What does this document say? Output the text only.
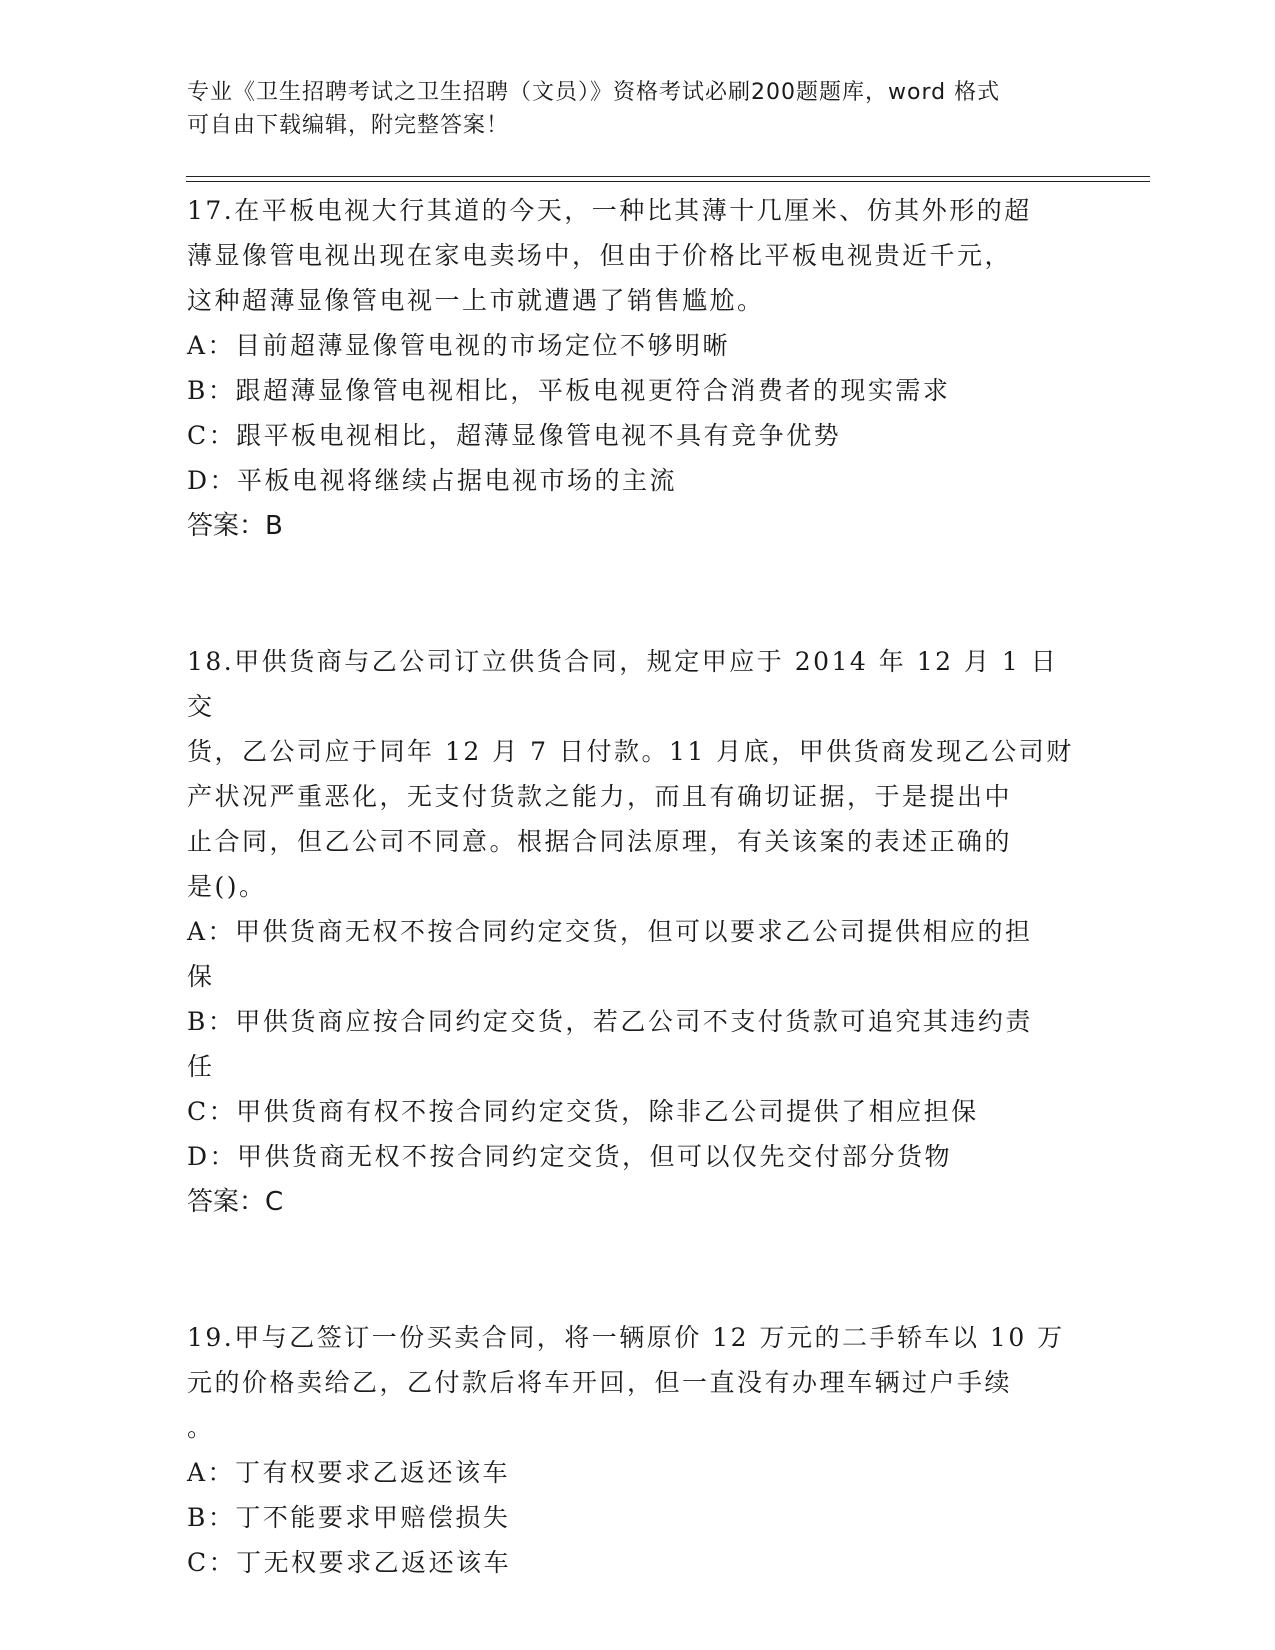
专业《卫生招聘考试之卫生招聘（文员）》资格考试必刷200题题库，word 格式
可自由下载编辑，附完整答案！

17.在平板电视大行其道的今天，一种比其薄十几厘米、仿其外形的超

薄显像管电视出现在家电卖场中，但由于价格比平板电视贵近千元，

这种超薄显像管电视一上市就遭遇了销售尴尬。

A：目前超薄显像管电视的市场定位不够明晰

B：跟超薄显像管电视相比，平板电视更符合消费者的现实需求

C：跟平板电视相比，超薄显像管电视不具有竞争优势

D：平板电视将继续占据电视市场的主流

答案：B

18.甲供货商与乙公司订立供货合同，规定甲应于 2014 年 12 月 1 日交

货，乙公司应于同年 12 月 7 日付款。11 月底，甲供货商发现乙公司财

产状况严重恶化，无支付货款之能力，而且有确切证据，于是提出中

止合同，但乙公司不同意。根据合同法原理，有关该案的表述正确的

是()。

A：甲供货商无权不按合同约定交货，但可以要求乙公司提供相应的担

保

B：甲供货商应按合同约定交货，若乙公司不支付货款可追究其违约责

任

C：甲供货商有权不按合同约定交货，除非乙公司提供了相应担保

D：甲供货商无权不按合同约定交货，但可以仅先交付部分货物

答案：C

19.甲与乙签订一份买卖合同，将一辆原价 12 万元的二手轿车以 10 万

元的价格卖给乙，乙付款后将车开回，但一直没有办理车辆过户手续

。

A：丁有权要求乙返还该车

B：丁不能要求甲赔偿损失

C：丁无权要求乙返还该车
